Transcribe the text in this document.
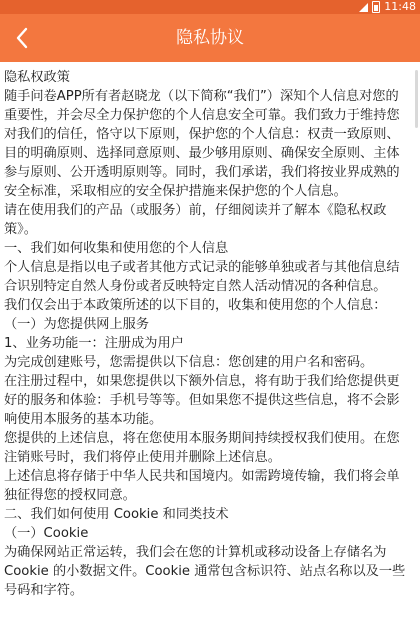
11:48
隐私协议

隐私权政策

随手问卷APP所有者赵晓龙（以下简称“我们”）深知个人信息对您的重要性，并会尽全力保护您的个人信息安全可靠。我们致力于维持您对我们的信任，恪守以下原则，保护您的个人信息：权责一致原则、目的明确原则、选择同意原则、最少够用原则、确保安全原则、主体参与原则、公开透明原则等。同时，我们承诺，我们将按业界成熟的安全标准，采取相应的安全保护措施来保护您的个人信息。

请在使用我们的产品（或服务）前，仔细阅读并了解本《隐私权政策》。

一、我们如何收集和使用您的个人信息

个人信息是指以电子或者其他方式记录的能够单独或者与其他信息结合识别特定自然人身份或者反映特定自然人活动情况的各种信息。

我们仅会出于本政策所述的以下目的，收集和使用您的个人信息：

（一）为您提供网上服务

1、业务功能一：注册成为用户

为完成创建账号，您需提供以下信息：您创建的用户名和密码。

在注册过程中，如果您提供以下额外信息，将有助于我们给您提供更好的服务和体验：手机号等等。但如果您不提供这些信息，将不会影响使用本服务的基本功能。

您提供的上述信息，将在您使用本服务期间持续授权我们使用。在您注销账号时，我们将停止使用并删除上述信息。

上述信息将存储于中华人民共和国境内。如需跨境传输，我们将会单独征得您的授权同意。

二、我们如何使用 Cookie 和同类技术

（一）Cookie

为确保网站正常运转，我们会在您的计算机或移动设备上存储名为 Cookie 的小数据文件。Cookie 通常包含标识符、站点名称以及一些号码和字符。
